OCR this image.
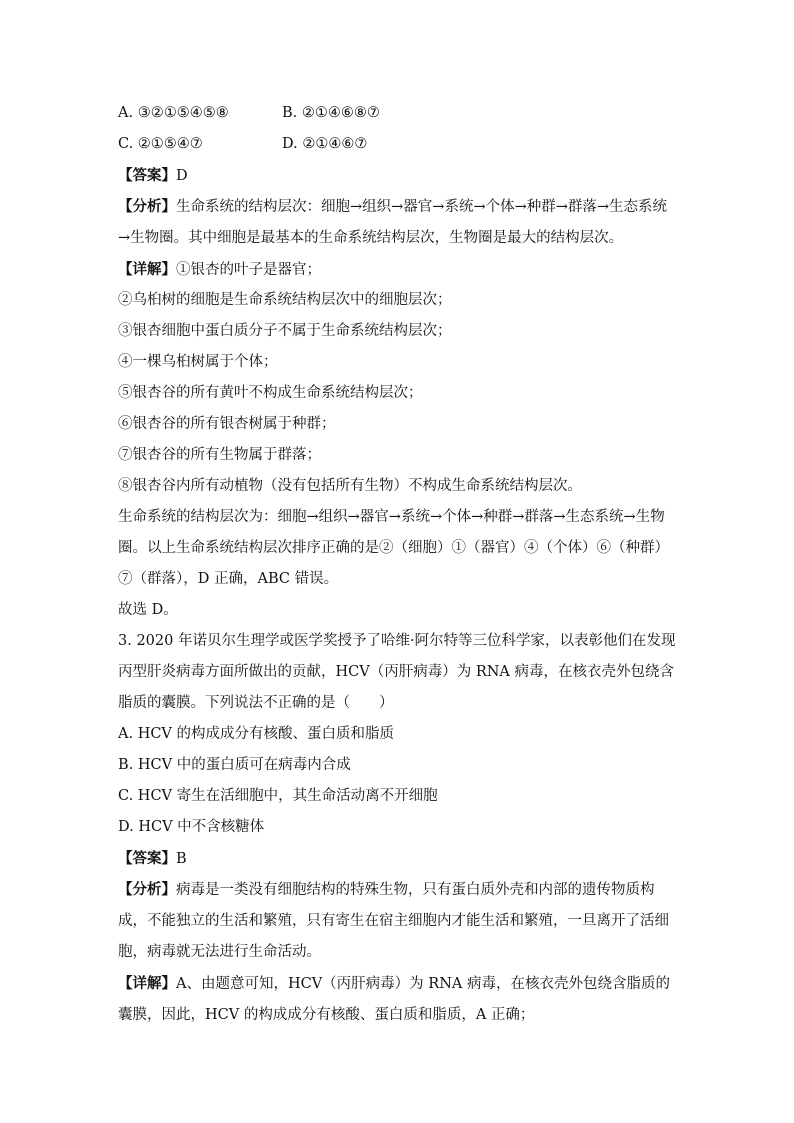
A. ③②①⑤④⑤⑧	B. ②①④⑥⑧⑦
C. ②①⑤④⑦	D. ②①④⑥⑦
【答案】D
【分析】生命系统的结构层次：细胞→组织→器官→系统→个体→种群→群落→生态系统→生物圈。其中细胞是最基本的生命系统结构层次，生物圈是最大的结构层次。
【详解】①银杏的叶子是器官；
②乌桕树的细胞是生命系统结构层次中的细胞层次；
③银杏细胞中蛋白质分子不属于生命系统结构层次；
④一棵乌桕树属于个体；
⑤银杏谷的所有黄叶不构成生命系统结构层次；
⑥银杏谷的所有银杏树属于种群；
⑦银杏谷的所有生物属于群落；
⑧银杏谷内所有动植物（没有包括所有生物）不构成生命系统结构层次。
生命系统的结构层次为：细胞→组织→器官→系统→个体→种群→群落→生态系统→生物圈。以上生命系统结构层次排序正确的是②（细胞）①（器官）④（个体）⑥（种群）⑦（群落），D 正确，ABC 错误。
故选 D。
3. 2020 年诺贝尔生理学或医学奖授予了哈维·阿尔特等三位科学家，以表彰他们在发现丙型肝炎病毒方面所做出的贡献，HCV（丙肝病毒）为 RNA 病毒，在核衣壳外包绕含脂质的囊膜。下列说法不正确的是（　　）
A. HCV 的构成成分有核酸、蛋白质和脂质
B. HCV 中的蛋白质可在病毒内合成
C. HCV 寄生在活细胞中，其生命活动离不开细胞
D. HCV 中不含核糖体
【答案】B
【分析】病毒是一类没有细胞结构的特殊生物，只有蛋白质外壳和内部的遗传物质构成，不能独立的生活和繁殖，只有寄生在宿主细胞内才能生活和繁殖，一旦离开了活细胞，病毒就无法进行生命活动。
【详解】A、由题意可知，HCV（丙肝病毒）为 RNA 病毒，在核衣壳外包绕含脂质的囊膜，因此，HCV 的构成成分有核酸、蛋白质和脂质，A 正确；
